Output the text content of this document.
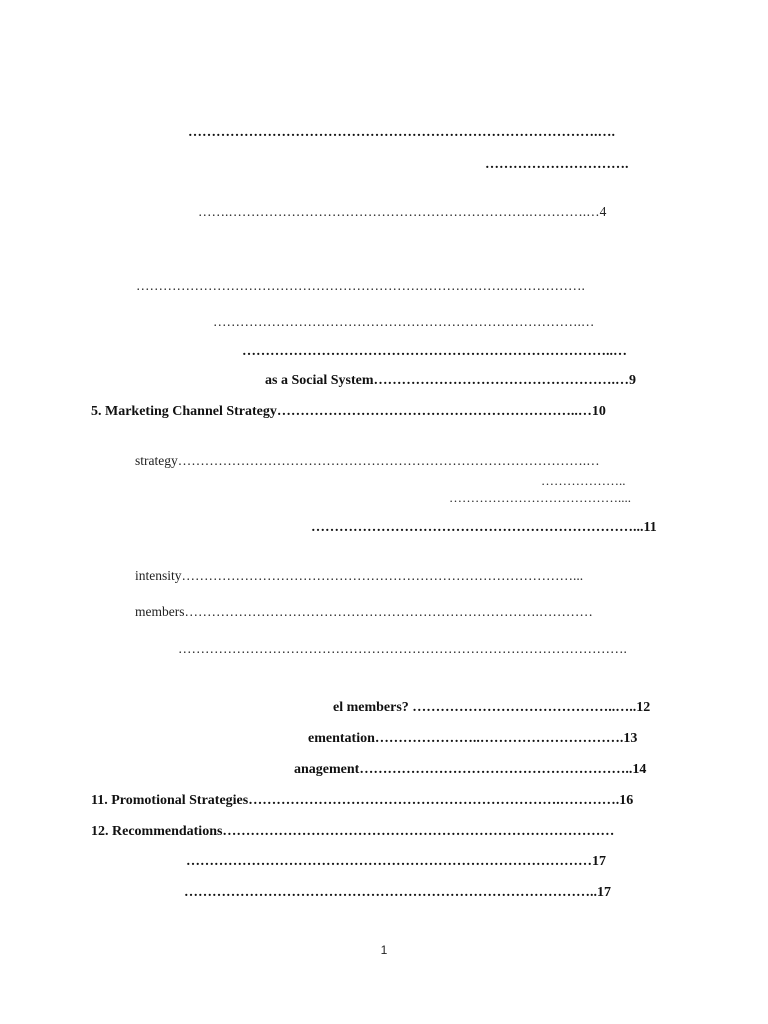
…………………………………………………………………………….….
………………………….
…….………………………………………………………….………….…4
……………………………………………………………………………………….
……………………………………………………………………….…
……………………………………………………………………..…
as a Social System…………………………………………….…9
5. Marketing Channel Strategy………………………………………………………..…10
strategy……………………………………………………………………………….…
………………..
…………………………………....
……………………………………………………………...11
intensity……………………………………………………………………………...
members…………………………………………………………………….…………
……………………………………………………………………………………….
el members? ……………………………………..…..12
ementation…………………..………………………….13
anagement…………………………………………………..14
11. Promotional Strategies………………………………………………………….………….16
12. Recommendations…………………………………………………………………………
……………………………………………………………………………17
……………………………………………………………………………..17
1
